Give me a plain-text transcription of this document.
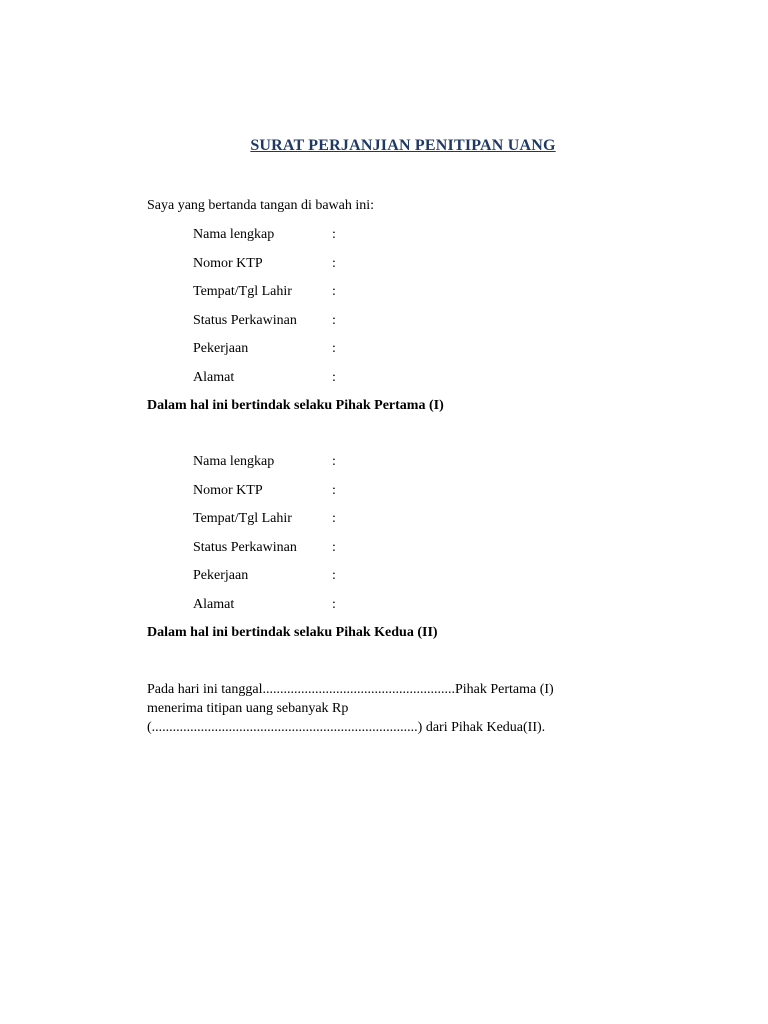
SURAT PERJANJIAN PENITIPAN UANG
Saya yang bertanda tangan di bawah ini:
Nama lengkap	:
Nomor KTP	:
Tempat/Tgl Lahir	:
Status Perkawinan	:
Pekerjaan	:
Alamat	:
Dalam hal ini bertindak selaku Pihak Pertama (I)
Nama lengkap	:
Nomor KTP	:
Tempat/Tgl Lahir	:
Status Perkawinan	:
Pekerjaan	:
Alamat	:
Dalam hal ini bertindak selaku Pihak Kedua (II)
Pada hari ini tanggal.......................................................Pihak Pertama (I)
menerima titipan uang sebanyak Rp
(............................................................................) dari Pihak Kedua(II).
